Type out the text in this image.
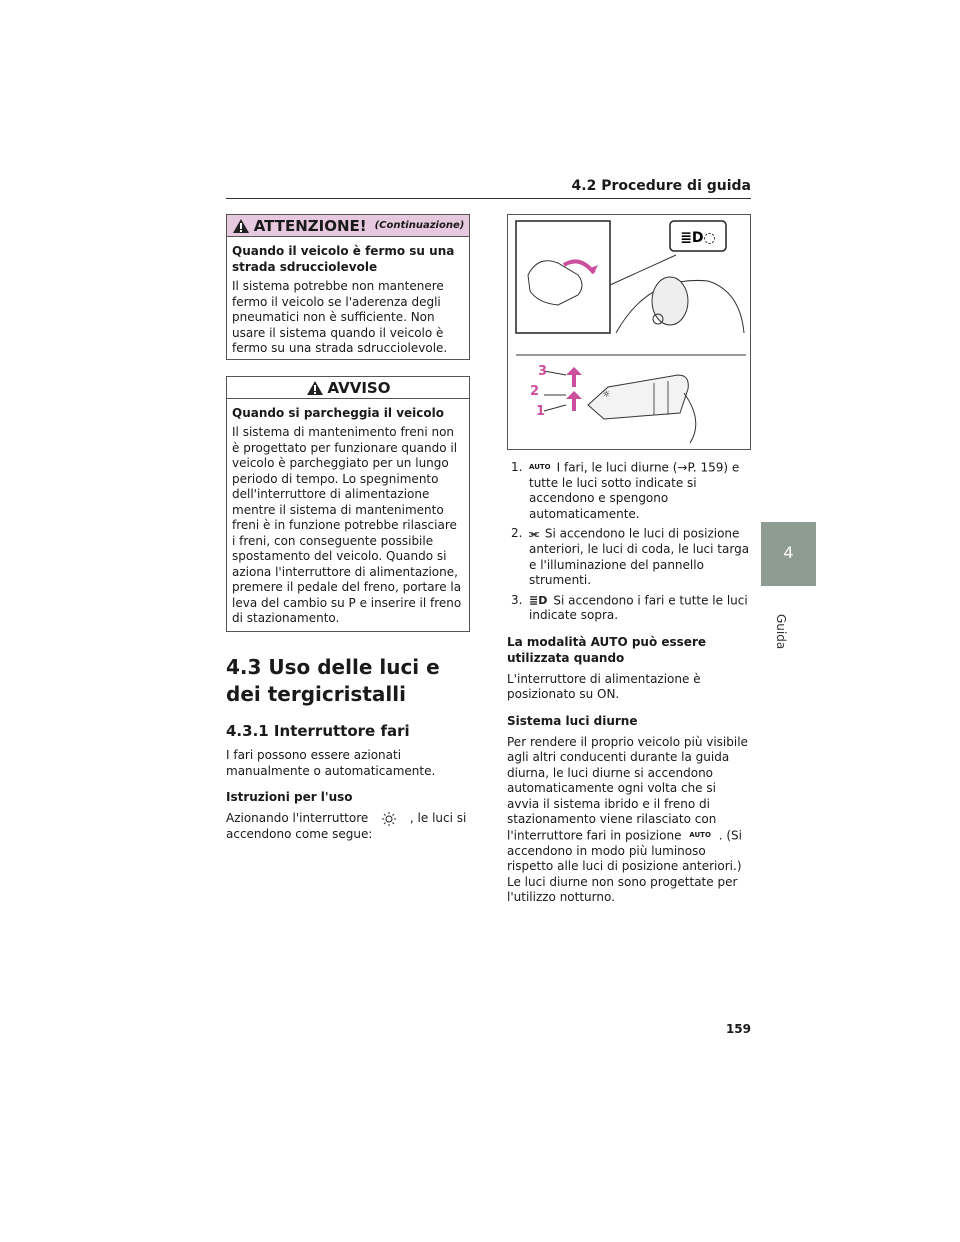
4.2 Procedure di guida
4
Guida
ATTENZIONE! (Continuazione)
Quando il veicolo è fermo su una strada sdrucciolevole
Il sistema potrebbe non mantenere fermo il veicolo se l'aderenza degli pneumatici non è sufficiente. Non usare il sistema quando il veicolo è fermo su una strada sdrucciolevole.
AVVISO
Quando si parcheggia il veicolo
Il sistema di mantenimento freni non è progettato per funzionare quando il veicolo è parcheggiato per un lungo periodo di tempo. Lo spegnimento dell'interruttore di alimentazione mentre il sistema di mantenimento freni è in funzione potrebbe rilasciare i freni, con conseguente possibile spostamento del veicolo. Quando si aziona l'interruttore di alimentazione, premere il pedale del freno, portare la leva del cambio su P e inserire il freno di stazionamento.
4.3 Uso delle luci e dei tergicristalli
4.3.1 Interruttore fari
I fari possono essere azionati manualmente o automaticamente.
Istruzioni per l'uso
Azionando l'interruttore	, le luci si accendono come segue:
≣D◌
☼
3
2
1
1. AUTO I fari, le luci diurne (→P. 159) e tutte le luci sotto indicate si accendono e spengono automaticamente.
2. ⫘ Si accendono le luci di posizione anteriori, le luci di coda, le luci targa e l'illuminazione del pannello strumenti.
3. ≣D Si accendono i fari e tutte le luci indicate sopra.
La modalità AUTO può essere utilizzata quando
L'interruttore di alimentazione è posizionato su ON.
Sistema luci diurne
Per rendere il proprio veicolo più visibile agli altri conducenti durante la guida diurna, le luci diurne si accendono automaticamente ogni volta che si avvia il sistema ibrido e il freno di stazionamento viene rilasciato con l'interruttore fari in posizione AUTO . (Si accendono in modo più luminoso rispetto alle luci di posizione anteriori.) Le luci diurne non sono progettate per l'utilizzo notturno.
159
